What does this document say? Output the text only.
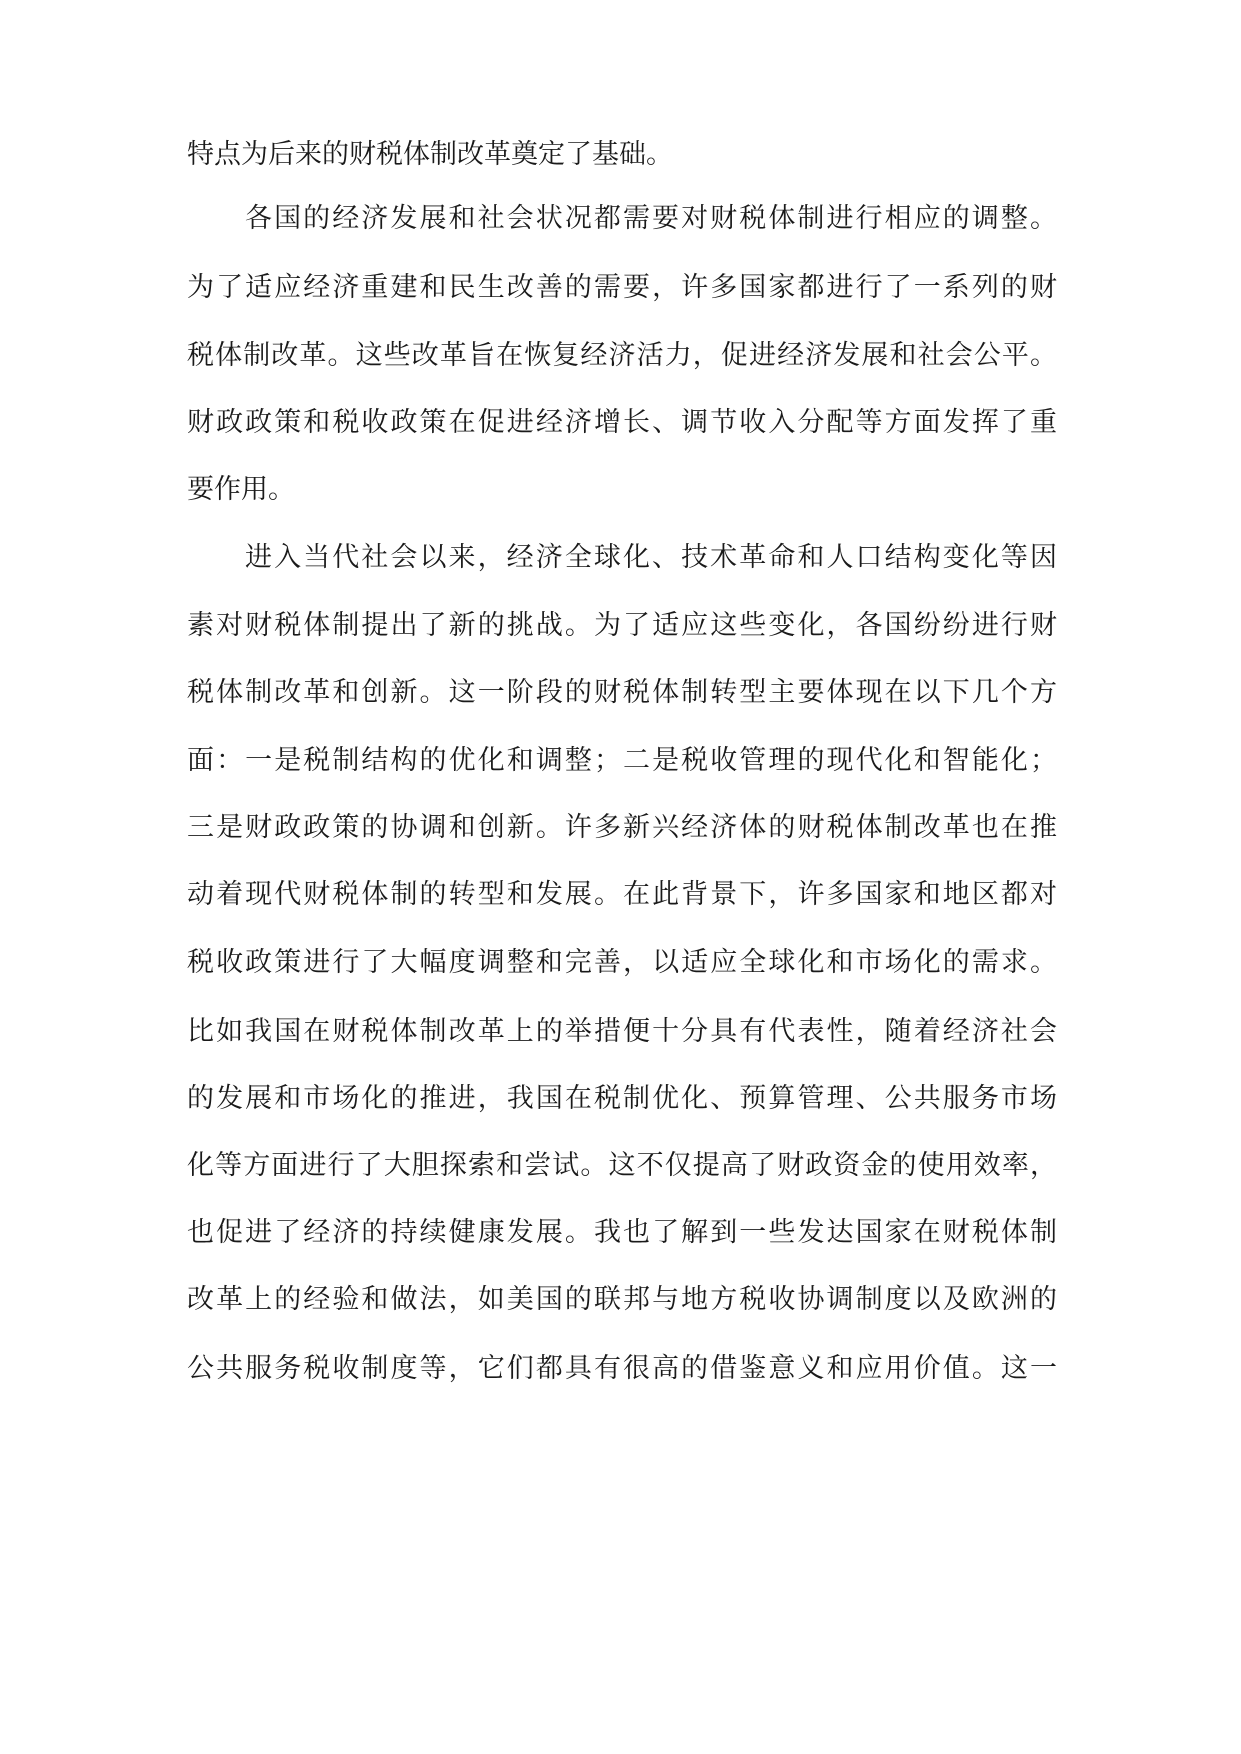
特点为后来的财税体制改革奠定了基础。
各国的经济发展和社会状况都需要对财税体制进行相应的调整。
为了适应经济重建和民生改善的需要，许多国家都进行了一系列的财
税体制改革。这些改革旨在恢复经济活力，促进经济发展和社会公平。
财政政策和税收政策在促进经济增长、调节收入分配等方面发挥了重
要作用。
进入当代社会以来，经济全球化、技术革命和人口结构变化等因
素对财税体制提出了新的挑战。为了适应这些变化，各国纷纷进行财
税体制改革和创新。这一阶段的财税体制转型主要体现在以下几个方
面：一是税制结构的优化和调整；二是税收管理的现代化和智能化；
三是财政政策的协调和创新。许多新兴经济体的财税体制改革也在推
动着现代财税体制的转型和发展。在此背景下，许多国家和地区都对
税收政策进行了大幅度调整和完善，以适应全球化和市场化的需求。
比如我国在财税体制改革上的举措便十分具有代表性，随着经济社会
的发展和市场化的推进，我国在税制优化、预算管理、公共服务市场
化等方面进行了大胆探索和尝试。这不仅提高了财政资金的使用效率，
也促进了经济的持续健康发展。我也了解到一些发达国家在财税体制
改革上的经验和做法，如美国的联邦与地方税收协调制度以及欧洲的
公共服务税收制度等，它们都具有很高的借鉴意义和应用价值。这一
